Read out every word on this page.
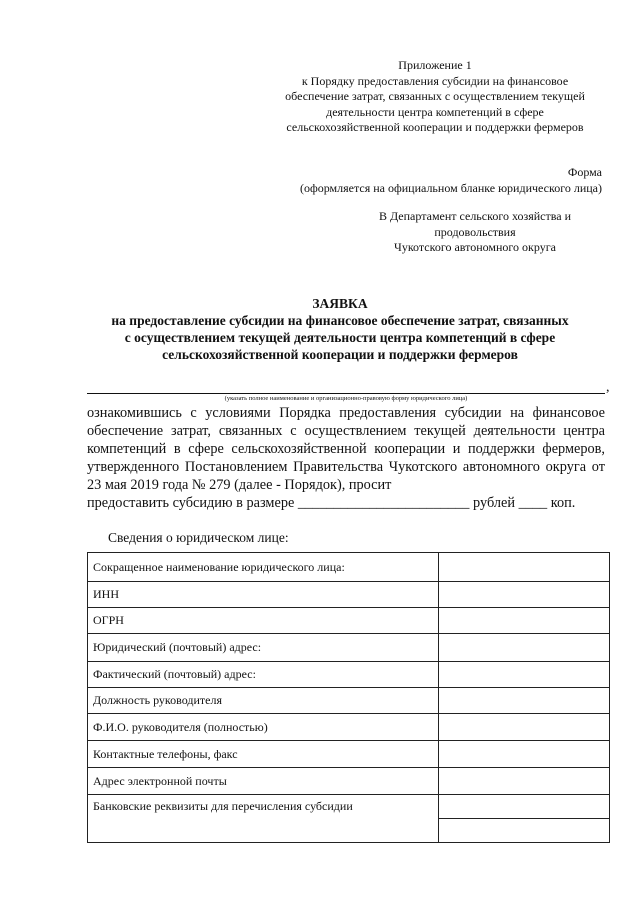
Приложение 1
к Порядку предоставления субсидии на финансовое
обеспечение затрат, связанных с осуществлением текущей
деятельности центра компетенций в сфере
сельскохозяйственной кооперации и поддержки фермеров
Форма
(оформляется на официальном бланке юридического лица)
В Департамент сельского хозяйства и
продовольствия
Чукотского автономного округа
ЗАЯВКА
на предоставление субсидии на финансовое обеспечение затрат, связанных
с осуществлением текущей деятельности центра компетенций в сфере
сельскохозяйственной кооперации и поддержки фермеров
,
(указать полное наименование и организационно-правовую форму юридического лица)
ознакомившись с условиями Порядка предоставления субсидии на финансовое обеспечение затрат, связанных с осуществлением текущей деятельности центра компетенций в сфере сельскохозяйственной кооперации и поддержки фермеров, утвержденного Постановлением Правительства Чукотского автономного округа от 23 мая 2019 года № 279 (далее - Порядок), просит
предоставить субсидию в размере ________________________ рублей ____ коп.
Сведения о юридическом лице:
Сокращенное наименование юридического лица:	
ИНН	
ОГРН	
Юридический (почтовый) адрес:	
Фактический (почтовый) адрес:	
Должность руководителя	
Ф.И.О. руководителя (полностью)	
Контактные телефоны, факс	
Адрес электронной почты	
Банковские реквизиты для перечисления субсидии	
